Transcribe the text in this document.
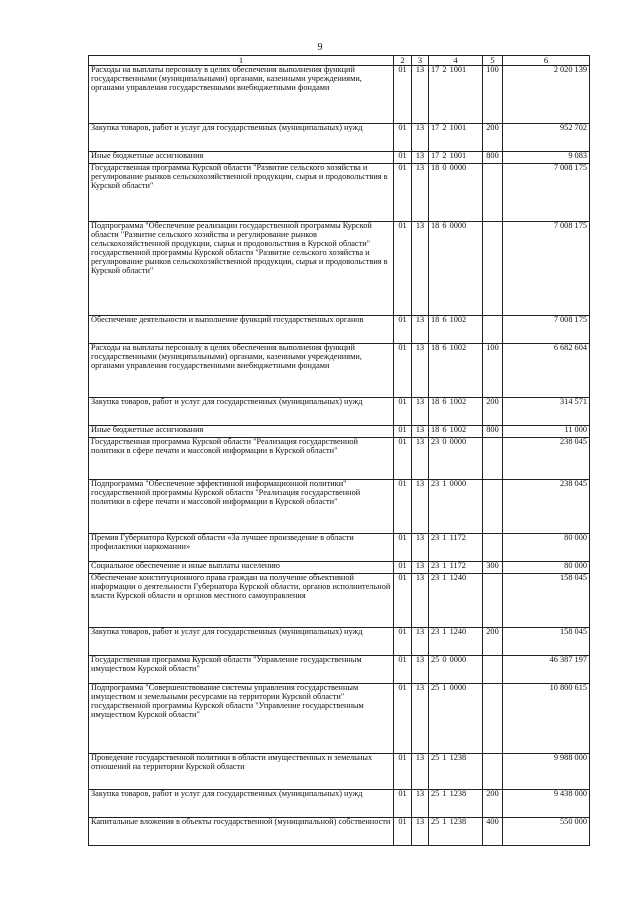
9
1	2	3	4	5	6
Расходы на выплаты персоналу в целях обеспечения выполнения функций государственными (муниципальными) органами, казенными учреждениями, органами управления государственными внебюджетными фондами	01	13	17 2 1001	100	2 020 139
Закупка товаров, работ и услуг для государственных (муниципальных) нужд	01	13	17 2 1001	200	952 702
Иные бюджетные ассигнования	01	13	17 2 1001	800	9 083
Государственная программа Курской области "Развитие сельского хозяйства и регулирование рынков сельскохозяйственной продукции, сырья и продовольствия в Курской области"	01	13	18 0 0000		7 008 175
Подпрограмма "Обеспечение реализации государственной программы Курской области "Развитие сельского хозяйства и регулирование рынков сельскохозяйственной продукции, сырья и продовольствия в Курской области" государственной программы Курской области "Развитие сельского хозяйства и регулирование рынков сельскохозяйственной продукции, сырья и продовольствия в Курской области"	01	13	18 6 0000		7 008 175
Обеспечение деятельности и выполнение функций государственных органов	01	13	18 6 1002		7 008 175
Расходы на выплаты персоналу в целях обеспечения выполнения функций государственными (муниципальными) органами, казенными учреждениями, органами управления государственными внебюджетными фондами	01	13	18 6 1002	100	6 682 604
Закупка товаров, работ и услуг для государственных (муниципальных) нужд	01	13	18 6 1002	200	314 571
Иные бюджетные ассигнования	01	13	18 6 1002	800	11 000
Государственная программа Курской области "Реализация государственной политики в сфере печати и массовой информации в Курской области"	01	13	23 0 0000		238 045
Подпрограмма "Обеспечение эффективной информационной политики" государственной программы Курской области "Реализация государственной политики в сфере печати и массовой информации в Курской области"	01	13	23 1 0000		238 045
Премия Губернатора Курской области «За лучшее произведение в области профилактики наркомании»	01	13	23 1 1172		80 000
Социальное обеспечение и иные выплаты населению	01	13	23 1 1172	300	80 000
Обеспечение конституционного права граждан на получение объективной информации о деятельности Губернатора Курской области, органов исполнительной власти Курской области и органов местного самоуправления	01	13	23 1 1240		158 045
Закупка товаров, работ и услуг для государственных (муниципальных) нужд	01	13	23 1 1240	200	158 045
Государственная программа Курской области "Управление государственным имуществом Курской области"	01	13	25 0 0000		46 387 197
Подпрограмма "Совершенствование системы управления государственным имуществом и земельными ресурсами на территории Курской области" государственной программы Курской области "Управление государственным имуществом Курской области"	01	13	25 1 0000		10 800 615
Проведение государственной политики в области имущественных и земельных отношений на территории Курской области	01	13	25 1 1238		9 988 000
Закупка товаров, работ и услуг для государственных (муниципальных) нужд	01	13	25 1 1238	200	9 438 000
Капитальные вложения в объекты государственной (муниципальной) собственности	01	13	25 1 1238	400	550 000
